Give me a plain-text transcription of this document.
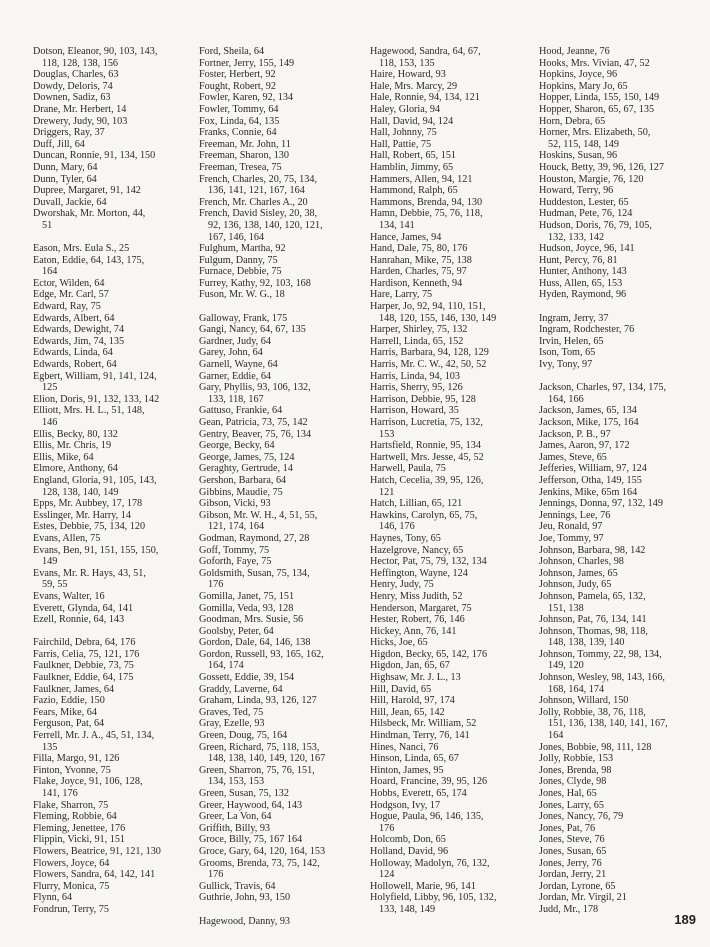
Dotson, Eleanor, 90, 103, 143,
118, 128, 138, 156
Douglas, Charles, 63
Dowdy, Deloris, 74
Downen, Sadiz, 63
Drane, Mr. Herbert, 14
Drewery, Judy, 90, 103
Driggers, Ray, 37
Duff, Jill, 64
Duncan, Ronnie, 91, 134, 150
Dunn, Mary, 64
Dunn, Tyler, 64
Dupree, Margaret, 91, 142
Duvall, Jackie, 64
Dworshak, Mr. Morton, 44,
51
Eason, Mrs. Eula S., 25
Eaton, Eddie, 64, 143, 175,
164
Ector, Wilden, 64
Edge, Mr. Carl, 57
Edward, Ray, 75
Edwards, Albert, 64
Edwards, Dewight, 74
Edwards, Jim, 74, 135
Edwards, Linda, 64
Edwards, Robert, 64
Egbert, William, 91, 141, 124,
125
Elion, Doris, 91, 132, 133, 142
Elliott, Mrs. H. L., 51, 148,
146
Ellis, Becky, 80, 132
Ellis, Mr. Chris, 19
Ellis, Mike, 64
Elmore, Anthony, 64
England, Gloria, 91, 105, 143,
128, 138, 140, 149
Epps, Mr. Aubbey, 17, 178
Esslinger, Mr. Harry, 14
Estes, Debbie, 75, 134, 120
Evans, Allen, 75
Evans, Ben, 91, 151, 155, 150,
149
Evans, Mr. R. Hays, 43, 51,
59, 55
Evans, Walter, 16
Everett, Glynda, 64, 141
Ezell, Ronnie, 64, 143
Fairchild, Debra, 64, 176
Farris, Celia, 75, 121, 176
Faulkner, Debbie, 73, 75
Faulkner, Eddie, 64, 175
Faulkner, James, 64
Fazio, Eddie, 150
Fears, Mike, 64
Ferguson, Pat, 64
Ferrell, Mr. J. A., 45, 51, 134,
135
Filla, Margo, 91, 126
Finton, Yvonne, 75
Flake, Joyce, 91, 106, 128,
141, 176
Flake, Sharron, 75
Fleming, Robbie, 64
Fleming, Jenettee, 176
Flippin, Vicki, 91, 151
Flowers, Beatrice, 91, 121, 130
Flowers, Joyce, 64
Flowers, Sandra, 64, 142, 141
Flurry, Monica, 75
Flynn, 64
Fondrun, Terry, 75
Ford, Sheila, 64
Fortner, Jerry, 155, 149
Foster, Herbert, 92
Fought, Robert, 92
Fowler, Karen, 92, 134
Fowler, Tommy, 64
Fox, Linda, 64, 135
Franks, Connie, 64
Freeman, Mr. John, 11
Freeman, Sharon, 130
Freeman, Tresea, 75
French, Charles, 20, 75, 134,
136, 141, 121, 167, 164
French, Mr. Charles A., 20
French, David Sisley, 20, 38,
92, 136, 138, 140, 120, 121,
167, 146, 164
Fulghum, Martha, 92
Fulgum, Danny, 75
Furnace, Debbie, 75
Furrey, Kathy, 92, 103, 168
Fuson, Mr. W. G., 18
Galloway, Frank, 175
Gangi, Nancy, 64, 67, 135
Gardner, Judy, 64
Garey, John, 64
Garnell, Wayne, 64
Garner, Eddie, 64
Gary, Phyllis, 93, 106, 132,
133, 118, 167
Gattuso, Frankie, 64
Gean, Patricia, 73, 75, 142
Gentry, Beaver, 75, 76, 134
George, Becky, 64
George, James, 75, 124
Geraghty, Gertrude, 14
Gershon, Barbara, 64
Gibbins, Maudie, 75
Gibson, Vicki, 93
Gibson, Mr. W. H., 4, 51, 55,
121, 174, 164
Godman, Raymond, 27, 28
Goff, Tommy, 75
Goforth, Faye, 75
Goldsmith, Susan, 75, 134,
176
Gomilla, Janet, 75, 151
Gomilla, Veda, 93, 128
Goodman, Mrs. Susie, 56
Goolsby, Peter, 64
Gordon, Dale, 64, 146, 138
Gordon, Russell, 93, 165, 162,
164, 174
Gossett, Eddie, 39, 154
Graddy, Laverne, 64
Graham, Linda, 93, 126, 127
Graves, Ted, 75
Gray, Ezelle, 93
Green, Doug, 75, 164
Green, Richard, 75, 118, 153,
148, 138, 140, 149, 120, 167
Green, Sharron, 75, 76, 151,
134, 153, 153
Green, Susan, 75, 132
Greer, Haywood, 64, 143
Greer, La Von, 64
Griffith, Billy, 93
Groce, Billy, 75, 167 164
Groce, Gary, 64, 120, 164, 153
Grooms, Brenda, 73, 75, 142,
176
Gullick, Travis, 64
Guthrie, John, 93, 150
Hagewood, Danny, 93
Hagewood, Sandra, 64, 67,
118, 153, 135
Haire, Howard, 93
Hale, Mrs. Marcy, 29
Hale, Ronnie, 94, 134, 121
Haley, Gloria, 94
Hall, David, 94, 124
Hall, Johnny, 75
Hall, Pattie, 75
Hall, Robert, 65, 151
Hamblin, Jimmy, 65
Hammers, Allen, 94, 121
Hammond, Ralph, 65
Hammons, Brenda, 94, 130
Hamn, Debbie, 75, 76, 118,
134, 141
Hance, James, 94
Hand, Dale, 75, 80, 176
Hanrahan, Mike, 75, 138
Harden, Charles, 75, 97
Hardison, Kenneth, 94
Hare, Larry, 75
Harper, Jo, 92, 94, 110, 151,
148, 120, 155, 146, 130, 149
Harper, Shirley, 75, 132
Harrell, Linda, 65, 152
Harris, Barbara, 94, 128, 129
Harris, Mr. C. W., 42, 50, 52
Harris, Linda, 94, 103
Harris, Sherry, 95, 126
Harrison, Debbie, 95, 128
Harrison, Howard, 35
Harrison, Lucretia, 75, 132,
153
Hartsfield, Ronnie, 95, 134
Hartwell, Mrs. Jesse, 45, 52
Harwell, Paula, 75
Hatch, Cecelia, 39, 95, 126,
121
Hatch, Lillian, 65, 121
Hawkins, Carolyn, 65, 75,
146, 176
Haynes, Tony, 65
Hazelgrove, Nancy, 65
Hector, Pat, 75, 79, 132, 134
Heffington, Wayne, 124
Henry, Judy, 75
Henry, Miss Judith, 52
Henderson, Margaret, 75
Hester, Robert, 76, 146
Hickey, Ann, 76, 141
Hicks, Joe, 65
Higdon, Becky, 65, 142, 176
Higdon, Jan, 65, 67
Highsaw, Mr. J. L., 13
Hill, David, 65
Hill, Harold, 97, 174
Hill, Jean, 65, 142
Hilsbeck, Mr. William, 52
Hindman, Terry, 76, 141
Hines, Nanci, 76
Hinson, Linda, 65, 67
Hinton, James, 95
Hoard, Francine, 39, 95, 126
Hobbs, Everett, 65, 174
Hodgson, Ivy, 17
Hogue, Paula, 96, 146, 135,
176
Holcomb, Don, 65
Holland, David, 96
Holloway, Madolyn, 76, 132,
124
Hollowell, Marie, 96, 141
Holyfield, Libby, 96, 105, 132,
133, 148, 149
Hood, Jeanne, 76
Hooks, Mrs. Vivian, 47, 52
Hopkins, Joyce, 96
Hopkins, Mary Jo, 65
Hopper, Linda, 155, 150, 149
Hopper, Sharon, 65, 67, 135
Horn, Debra, 65
Horner, Mrs. Elizabeth, 50,
52, 115, 148, 149
Hoskins, Susan, 96
Houck, Betty, 39, 96, 126, 127
Houston, Margie, 76, 120
Howard, Terry, 96
Huddeston, Lester, 65
Hudman, Pete, 76, 124
Hudson, Doris, 76, 79, 105,
132, 133, 142
Hudson, Joyce, 96, 141
Hunt, Percy, 76, 81
Hunter, Anthony, 143
Huss, Allen, 65, 153
Hyden, Raymond, 96
Ingram, Jerry, 37
Ingram, Rodchester, 76
Irvin, Helen, 65
Ison, Tom, 65
Ivy, Tony, 97
Jackson, Charles, 97, 134, 175,
164, 166
Jackson, James, 65, 134
Jackson, Mike, 175, 164
Jackson, P. B., 97
James, Aaron, 97, 172
James, Steve, 65
Jefferies, William, 97, 124
Jefferson, Otha, 149, 155
Jenkins, Mike, 65m 164
Jennings, Donna, 97, 132, 149
Jennings, Lee, 76
Jeu, Ronald, 97
Joe, Tommy, 97
Johnson, Barbara, 98, 142
Johnson, Charles, 98
Johnson, James, 65
Johnson, Judy, 65
Johnson, Pamela, 65, 132,
151, 138
Johnson, Pat, 76, 134, 141
Johnson, Thomas, 98, 118,
148, 138, 139, 140
Johnson, Tommy, 22, 98, 134,
149, 120
Johnson, Wesley, 98, 143, 166,
168, 164, 174
Johnson, Willard, 150
Jolly, Robbie, 38, 76, 118,
151, 136, 138, 140, 141, 167,
164
Jones, Bobbie, 98, 111, 128
Jolly, Robbie, 153
Jones, Brenda, 98
Jones, Clyde, 98
Jones, Hal, 65
Jones, Larry, 65
Jones, Nancy, 76, 79
Jones, Pat, 76
Jones, Steve, 76
Jones, Susan, 65
Jones, Jerry, 76
Jordan, Jerry, 21
Jordan, Lyrone, 65
Jordan, Mr. Virgil, 21
Judd, Mr., 178
189
